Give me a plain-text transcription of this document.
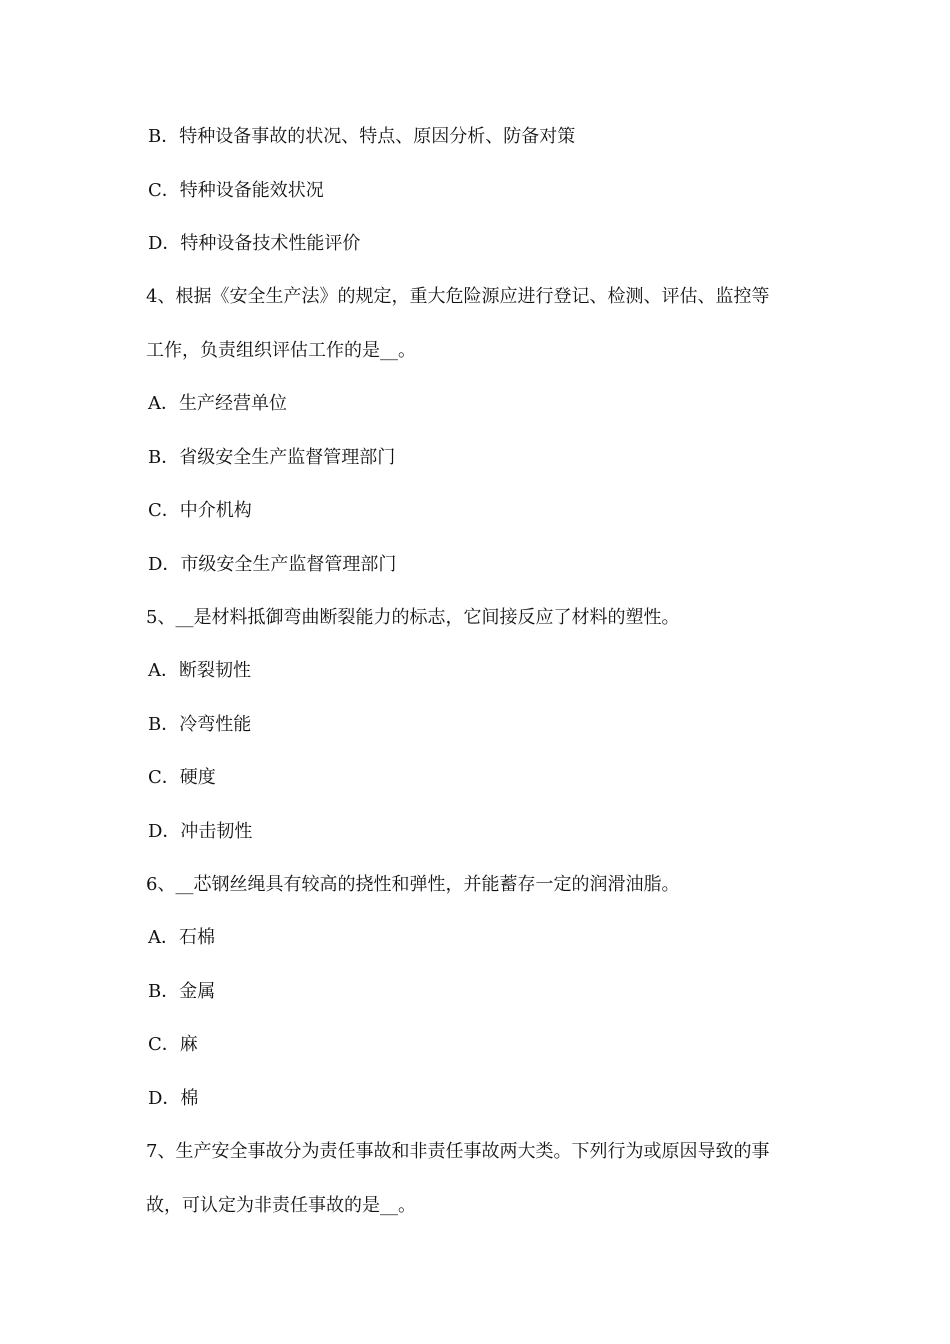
B．特种设备事故的状况、特点、原因分析、防备对策
C．特种设备能效状况
D．特种设备技术性能评价
4、根据《安全生产法》的规定，重大危险源应进行登记、检测、评估、监控等
工作，负责组织评估工作的是__。
A．生产经营单位
B．省级安全生产监督管理部门
C．中介机构
D．市级安全生产监督管理部门
5、__是材料抵御弯曲断裂能力的标志，它间接反应了材料的塑性。
A．断裂韧性
B．冷弯性能
C．硬度
D．冲击韧性
6、__芯钢丝绳具有较高的挠性和弹性，并能蓄存一定的润滑油脂。
A．石棉
B．金属
C．麻
D．棉
7、生产安全事故分为责任事故和非责任事故两大类。下列行为或原因导致的事
故，可认定为非责任事故的是__。
